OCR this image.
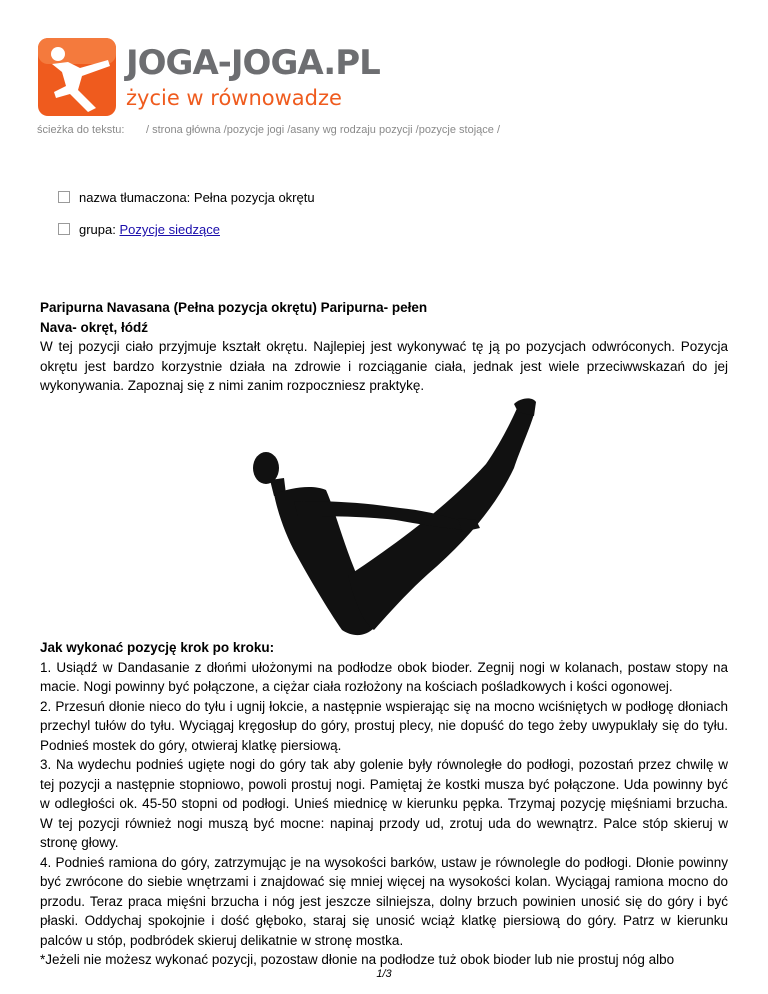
JOGA-JOGA.PL
życie w równowadze
ścieżka do tekstu: / strona główna /pozycje jogi /asany wg rodzaju pozycji /pozycje stojące /
nazwa tłumaczona: Pełna pozycja okrętu
grupa: Pozycje siedzące
Paripurna Navasana (Pełna pozycja okrętu) Paripurna- pełen
Nava- okręt, łódź
W tej pozycji ciało przyjmuje kształt okrętu. Najlepiej jest wykonywać tę ją po pozycjach odwróconych. Pozycja okrętu jest bardzo korzystnie działa na zdrowie i rozciąganie ciała, jednak jest wiele przeciwwskazań do jej wykonywania. Zapoznaj się z nimi zanim rozpoczniesz praktykę.
Jak wykonać pozycję krok po kroku:
1. Usiądź w Dandasanie z dłońmi ułożonymi na podłodze obok bioder. Zegnij nogi w kolanach, postaw stopy na macie. Nogi powinny być połączone, a ciężar ciała rozłożony na kościach pośladkowych i kości ogonowej.
2. Przesuń dłonie nieco do tyłu i ugnij łokcie, a następnie wspierając się na mocno wciśniętych w podłogę dłoniach przechyl tułów do tyłu. Wyciągaj kręgosłup do góry, prostuj plecy, nie dopuść do tego żeby uwypuklały się do tyłu. Podnieś mostek do góry, otwieraj klatkę piersiową.
3. Na wydechu podnieś ugięte nogi do góry tak aby golenie były równoległe do podłogi, pozostań przez chwilę w tej pozycji a następnie stopniowo, powoli prostuj nogi. Pamiętaj że kostki musza być połączone. Uda powinny być w odległości ok. 45-50 stopni od podłogi. Unieś miednicę w kierunku pępka. Trzymaj pozycję mięśniami brzucha. W tej pozycji również nogi muszą być mocne: napinaj przody ud, zrotuj uda do wewnątrz. Palce stóp skieruj w stronę głowy.
4. Podnieś ramiona do góry, zatrzymując je na wysokości barków, ustaw je równolegle do podłogi. Dłonie powinny być zwrócone do siebie wnętrzami i znajdować się mniej więcej na wysokości kolan. Wyciągaj ramiona mocno do przodu. Teraz praca mięśni brzucha i nóg jest jeszcze silniejsza, dolny brzuch powinien unosić się do góry i być płaski. Oddychaj spokojnie i dość głęboko, staraj się unosić wciąż klatkę piersiową do góry. Patrz w kierunku palców u stóp, podbródek skieruj delikatnie w stronę mostka.
*Jeżeli nie możesz wykonać pozycji, pozostaw dłonie na podłodze tuż obok bioder lub nie prostuj nóg albo
1/3
